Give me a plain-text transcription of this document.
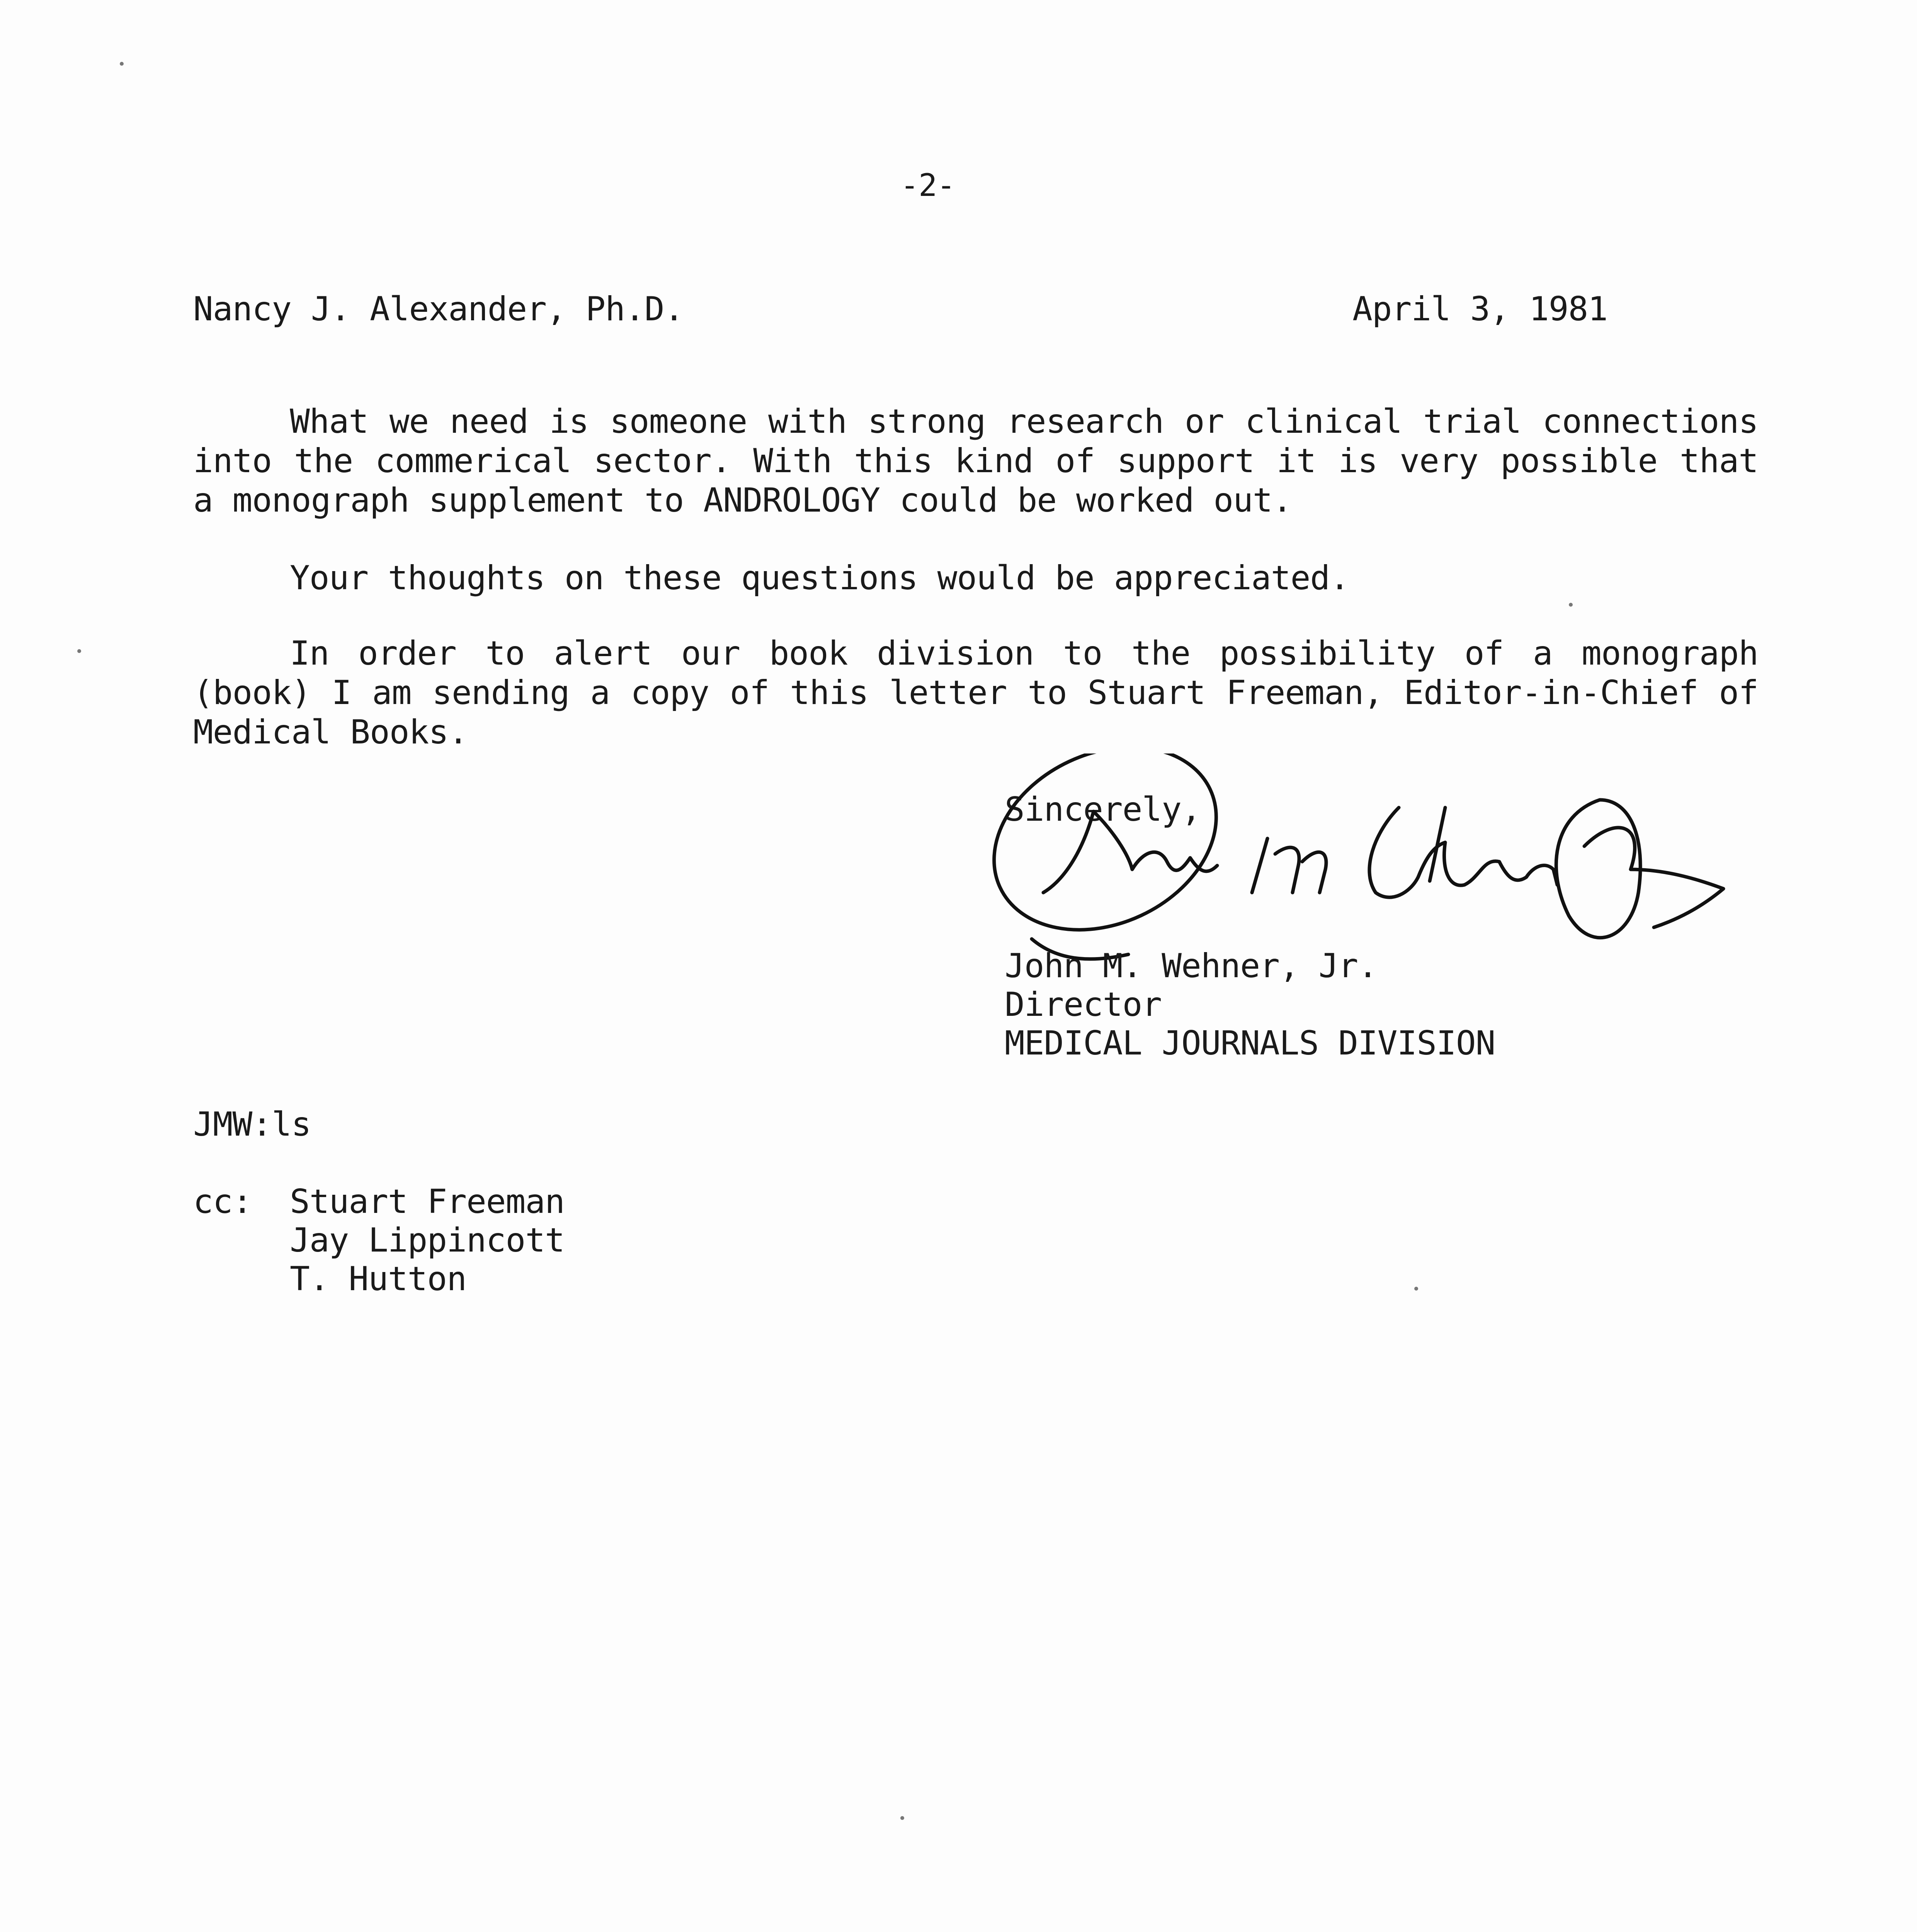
-2-
Nancy J. Alexander, Ph.D.	April 3, 1981

What we need is someone with strong research or clinical trial connections into the commerical sector. With this kind of support it is very possible that a monograph supplement to ANDROLOGY could be worked out.

Your thoughts on these questions would be appreciated.

In order to alert our book division to the possibility of a monograph (book) I am sending a copy of this letter to Stuart Freeman, Editor-in-Chief of Medical Books.

Sincerely,
John M. Wehner, Jr.
Director
MEDICAL JOURNALS DIVISION
JMW:ls
cc: Stuart Freeman
Jay Lippincott
T. Hutton
